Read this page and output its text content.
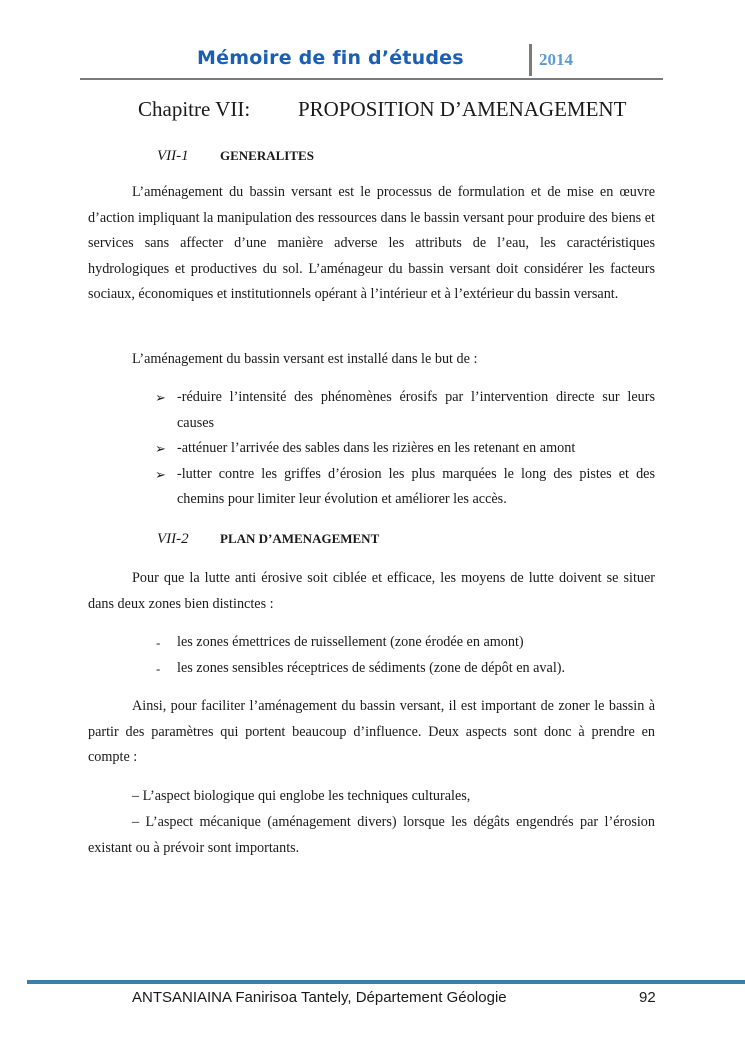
Mémoire de fin d’études	2014
Chapitre VII: PROPOSITION D’AMENAGEMENT
VII-1 GENERALITES

L’aménagement du bassin versant est le processus de formulation et de mise en œuvre d’action impliquant la manipulation des ressources dans le bassin versant pour produire des biens et services sans affecter d’une manière adverse les attributs de l’eau, les caractéristiques hydrologiques et productives du sol. L’aménageur du bassin versant doit considérer les facteurs sociaux, économiques et institutionnels opérant à l’intérieur et à l’extérieur du bassin versant.

L’aménagement du bassin versant est installé dans le but de :

➢ -réduire l’intensité des phénomènes érosifs par l’intervention directe sur leurs causes
➢ -atténuer l’arrivée des sables dans les rizières en les retenant en amont
➢ -lutter contre les griffes d’érosion les plus marquées le long des pistes et des chemins pour limiter leur évolution et améliorer les accès.
VII-2 PLAN D’AMENAGEMENT

Pour que la lutte anti érosive soit ciblée et efficace, les moyens de lutte doivent se situer dans deux zones bien distinctes :

- les zones émettrices de ruissellement (zone érodée en amont)
- les zones sensibles réceptrices de sédiments (zone de dépôt en aval).

Ainsi, pour faciliter l’aménagement du bassin versant, il est important de zoner le bassin à partir des paramètres qui portent beaucoup d’influence. Deux aspects sont donc à prendre en compte :

– L’aspect biologique qui englobe les techniques culturales,

– L’aspect mécanique (aménagement divers) lorsque les dégâts engendrés par l’érosion existant ou à prévoir sont importants.

ANTSANIAINA Fanirisoa Tantely, Département Géologie	92
